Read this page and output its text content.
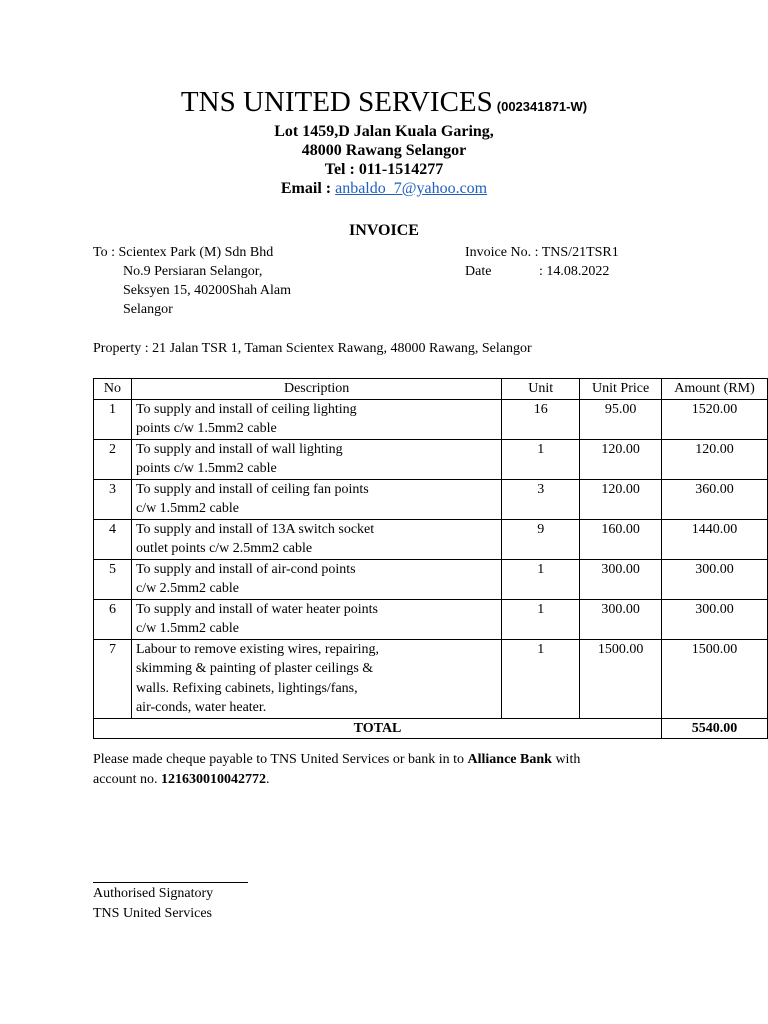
TNS UNITED SERVICES (002341871-W)
Lot 1459,D Jalan Kuala Garing,
48000 Rawang Selangor
Tel : 011-1514277
Email : anbaldo_7@yahoo.com
INVOICE
To : Scientex Park (M) Sdn Bhd
No.9 Persiaran Selangor,
Seksyen 15, 40200Shah Alam
Selangor
Invoice No. : TNS/21TSR1
Date	: 14.08.2022
Property : 21 Jalan TSR 1, Taman Scientex Rawang, 48000 Rawang, Selangor
No	Description	Unit	Unit Price	Amount (RM)
1	To supply and install of ceiling lighting
points c/w 1.5mm2 cable	16	95.00	1520.00
2	To supply and install of wall lighting
points c/w 1.5mm2 cable	1	120.00	120.00
3	To supply and install of ceiling fan points
c/w 1.5mm2 cable	3	120.00	360.00
4	To supply and install of 13A switch socket
outlet points c/w 2.5mm2 cable	9	160.00	1440.00
5	To supply and install of air-cond points
c/w 2.5mm2 cable	1	300.00	300.00
6	To supply and install of water heater points
c/w 1.5mm2 cable	1	300.00	300.00
7	Labour to remove existing wires, repairing,
skimming & painting of plaster ceilings &
walls. Refixing cabinets, lightings/fans,
air-conds, water heater.	1	1500.00	1500.00
TOTAL				5540.00
Please made cheque payable to TNS United Services or bank in to Alliance Bank with
account no. 121630010042772.
Authorised Signatory
TNS United Services
